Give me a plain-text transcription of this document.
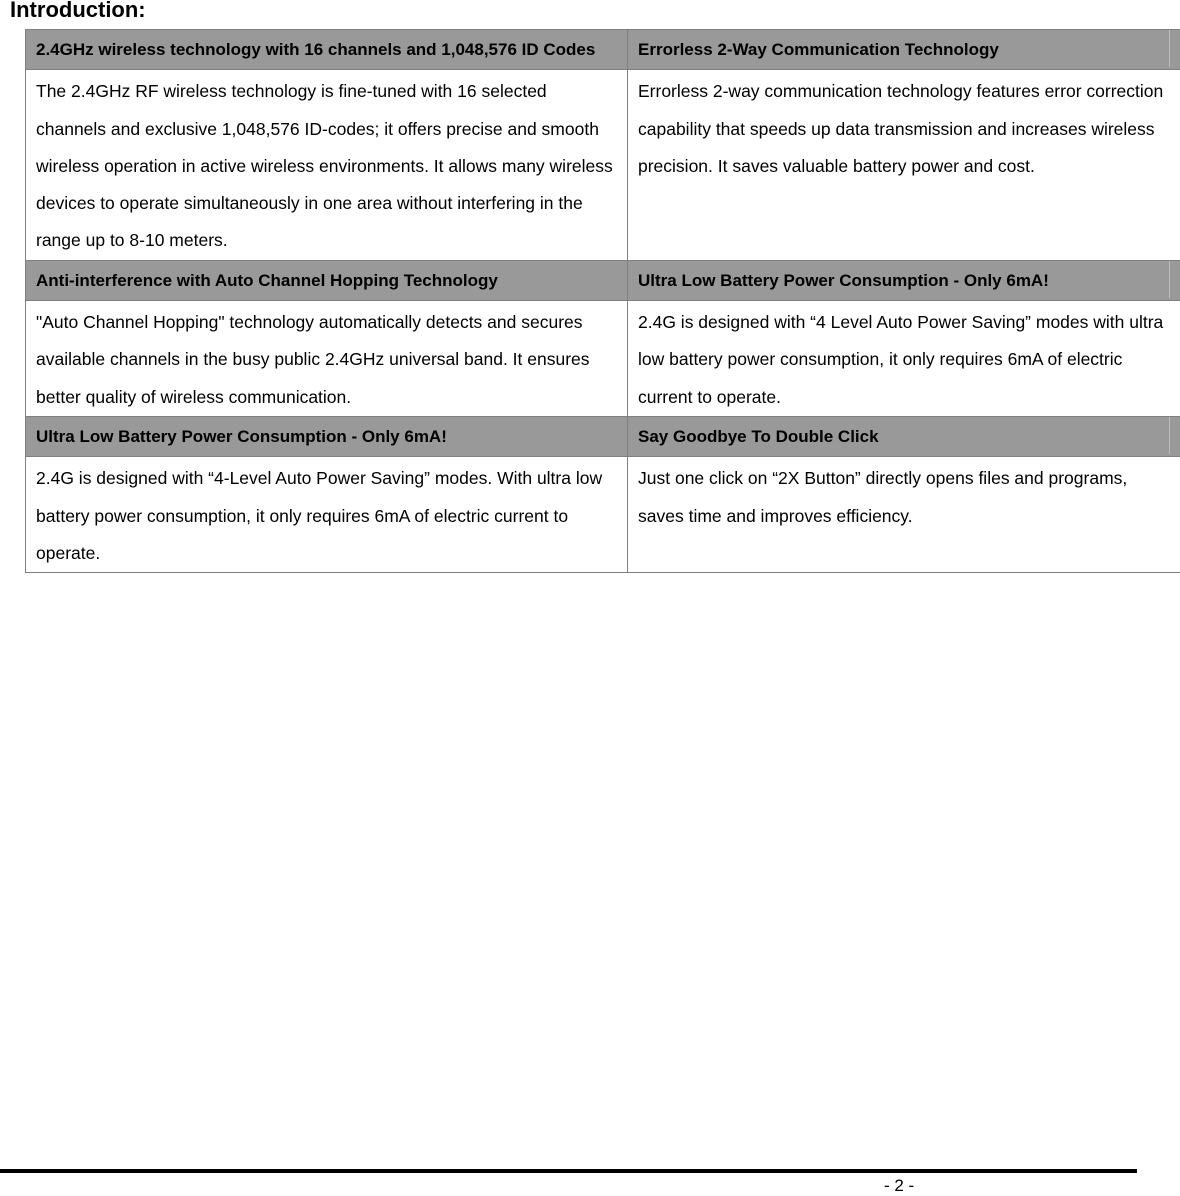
Introduction:
2.4GHz wireless technology with 16 channels and 1,048,576 ID Codes	Errorless 2-Way Communication Technology
The 2.4GHz RF wireless technology is fine-tuned with 16 selected channels and exclusive 1,048,576 ID-codes; it offers precise and smooth wireless operation in active wireless environments. It allows many wireless devices to operate simultaneously in one area without interfering in the range up to 8-10 meters.	Errorless 2-way communication technology features error correction capability that speeds up data transmission and increases wireless precision. It saves valuable battery power and cost.
Anti-interference with Auto Channel Hopping Technology	Ultra Low Battery Power Consumption - Only 6mA!
"Auto Channel Hopping" technology automatically detects and secures available channels in the busy public 2.4GHz universal band. It ensures better quality of wireless communication.	2.4G is designed with “4 Level Auto Power Saving” modes with ultra low battery power consumption, it only requires 6mA of electric current to operate.
Ultra Low Battery Power Consumption - Only 6mA!	Say Goodbye To Double Click
2.4G is designed with “4-Level Auto Power Saving” modes. With ultra low battery power consumption, it only requires 6mA of electric current to operate.	Just one click on “2X Button” directly opens files and programs, saves time and improves efficiency.
- 2 -
